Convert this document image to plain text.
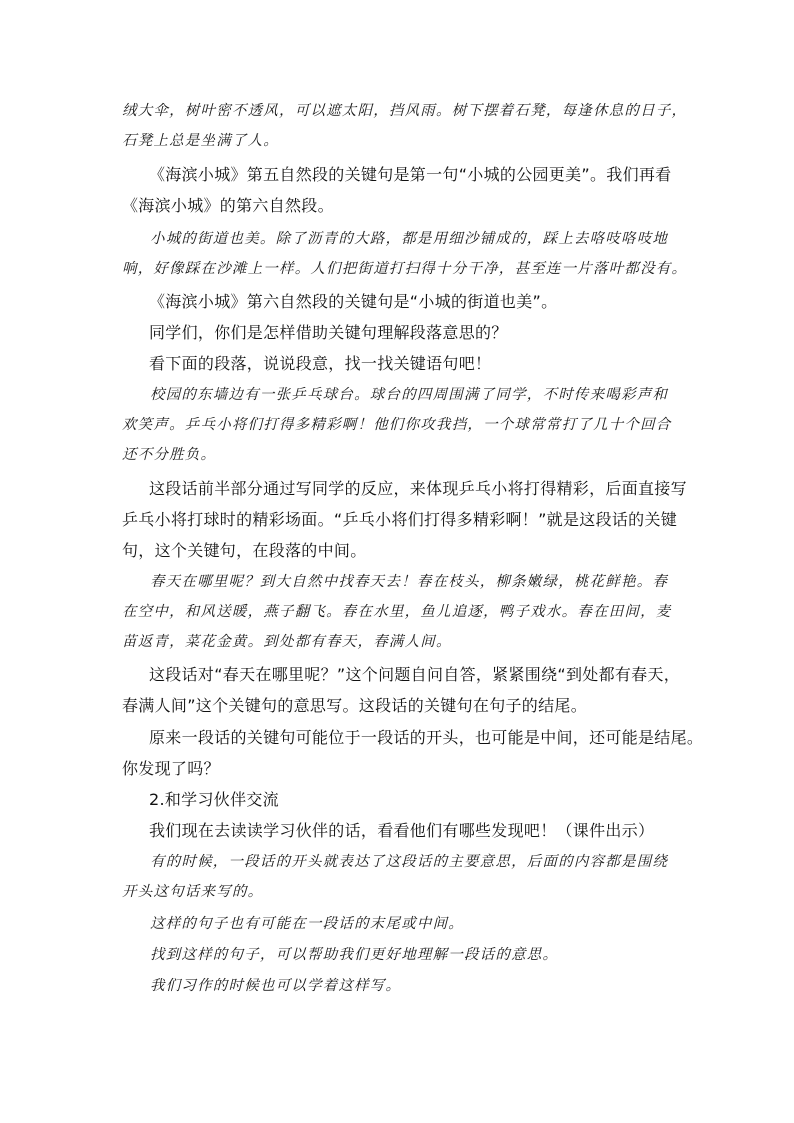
绒大伞，树叶密不透风，可以遮太阳，挡风雨。树下摆着石凳，每逢休息的日子，
石凳上总是坐满了人。
《海滨小城》第五自然段的关键句是第一句“小城的公园更美”。我们再看
《海滨小城》的第六自然段。
小城的街道也美。除了沥青的大路，都是用细沙铺成的，踩上去咯吱咯吱地
响，好像踩在沙滩上一样。人们把街道打扫得十分干净，甚至连一片落叶都没有。
《海滨小城》第六自然段的关键句是“小城的街道也美”。
同学们，你们是怎样借助关键句理解段落意思的？
看下面的段落，说说段意，找一找关键语句吧！
校园的东墙边有一张乒乓球台。球台的四周围满了同学，不时传来喝彩声和
欢笑声。乒乓小将们打得多精彩啊！他们你攻我挡，一个球常常打了几十个回合
还不分胜负。
这段话前半部分通过写同学的反应，来体现乒乓小将打得精彩，后面直接写
乒乓小将打球时的精彩场面。“乒乓小将们打得多精彩啊！”就是这段话的关键
句，这个关键句，在段落的中间。
春天在哪里呢？到大自然中找春天去！春在枝头，柳条嫩绿，桃花鲜艳。春
在空中，和风送暖，燕子翻飞。春在水里，鱼儿追逐，鸭子戏水。春在田间，麦
苗返青，菜花金黄。到处都有春天，春满人间。
这段话对“春天在哪里呢？”这个问题自问自答，紧紧围绕“到处都有春天，
春满人间”这个关键句的意思写。这段话的关键句在句子的结尾。
原来一段话的关键句可能位于一段话的开头，也可能是中间，还可能是结尾。
你发现了吗？
2.和学习伙伴交流
我们现在去读读学习伙伴的话，看看他们有哪些发现吧！（课件出示）
有的时候，一段话的开头就表达了这段话的主要意思，后面的内容都是围绕
开头这句话来写的。
这样的句子也有可能在一段话的末尾或中间。
找到这样的句子，可以帮助我们更好地理解一段话的意思。
我们习作的时候也可以学着这样写。
